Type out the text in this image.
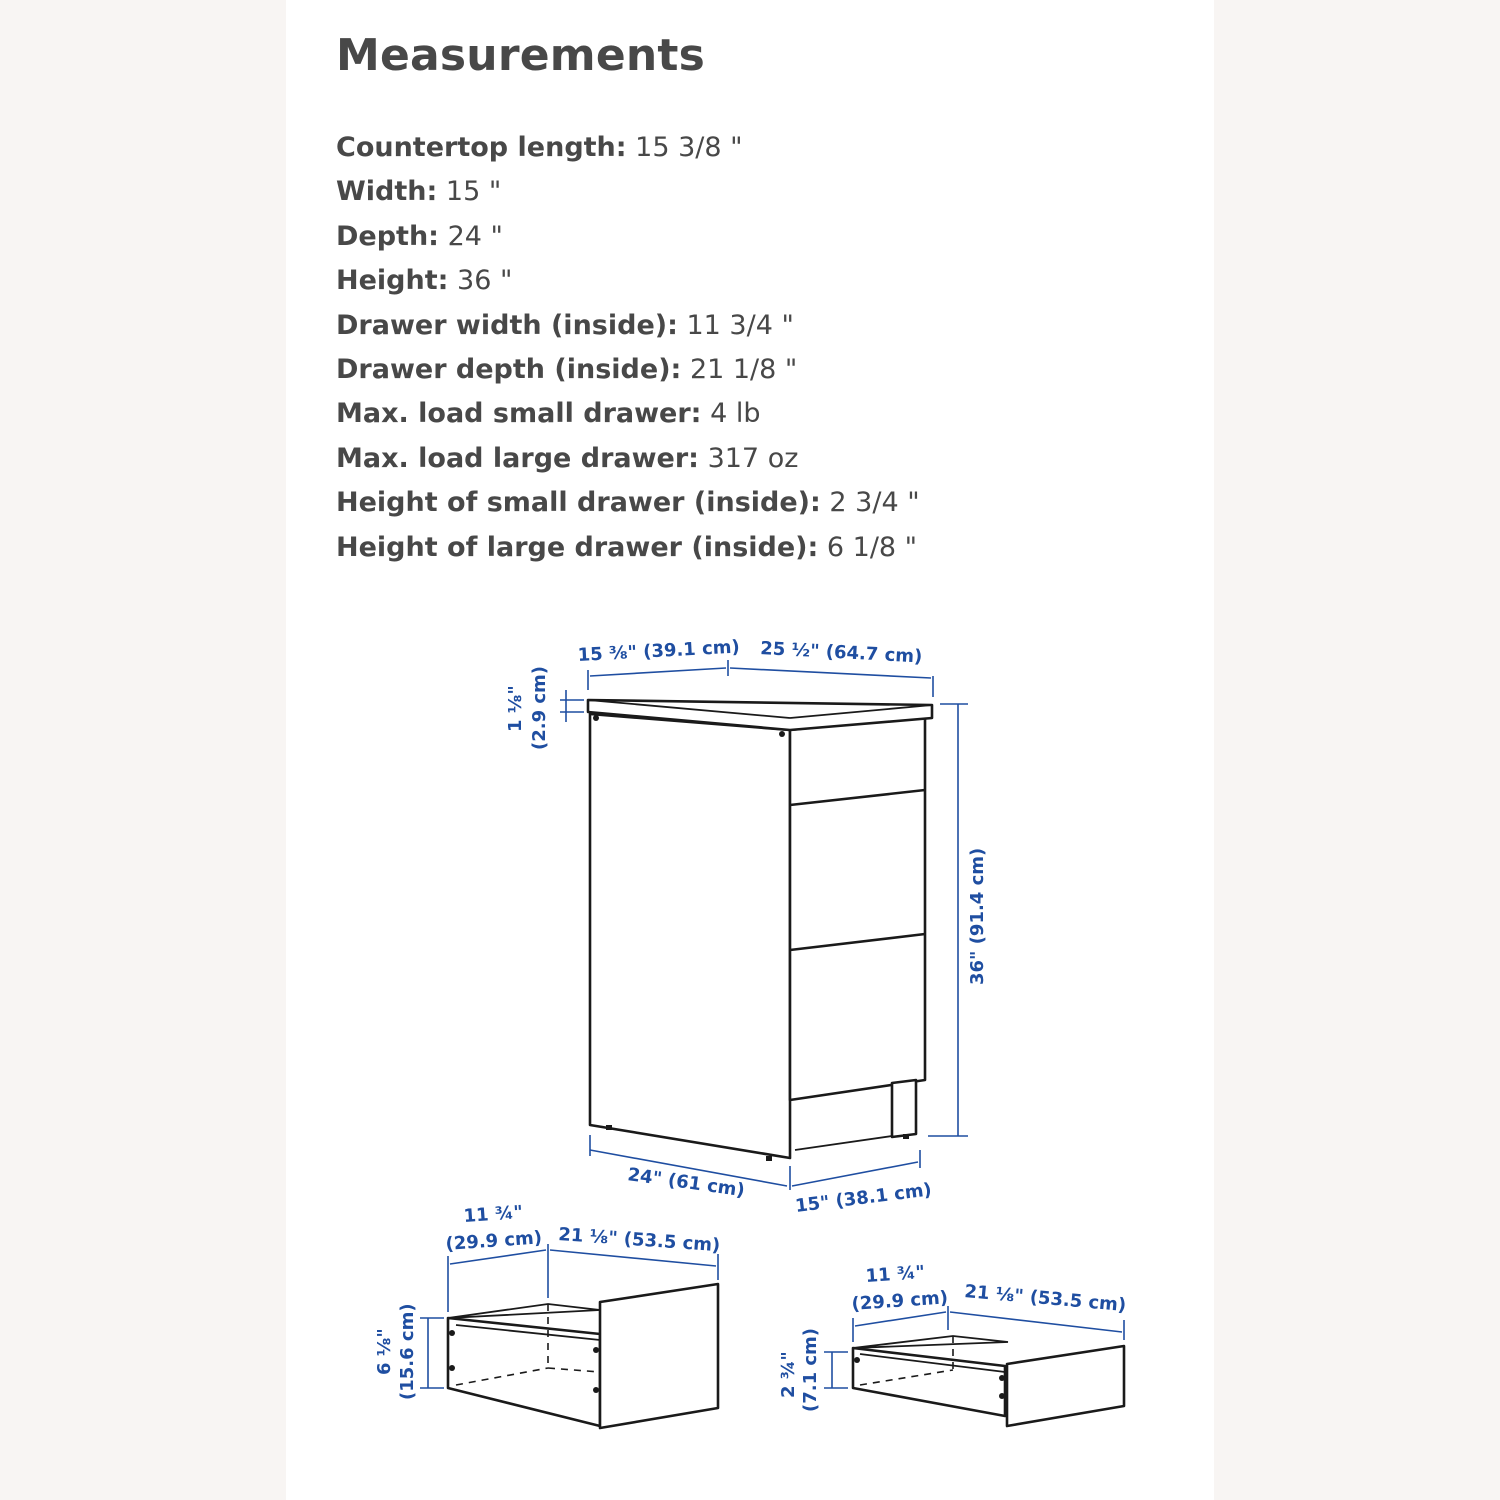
Measurements
Countertop length: 15 3/8 "
Width: 15 "
Depth: 24 "
Height: 36 "
Drawer width (inside): 11 3/4 "
Drawer depth (inside): 21 1/8 "
Max. load small drawer: 4 lb
Max. load large drawer: 317 oz
Height of small drawer (inside): 2 3/4 "
Height of large drawer (inside): 6 1/8 "
15 ⅜" (39.1 cm) 25 ½" (64.7 cm)
1 ⅛" (2.9 cm)
36" (91.4 cm)
24" (61 cm)	15" (38.1 cm)
11 ¾"
(29.9 cm) 21 ⅛" (53.5 cm)
6 ⅛" (15.6 cm)
11 ¾"
(29.9 cm) 21 ⅛" (53.5 cm)
2 ¾" (7.1 cm)
